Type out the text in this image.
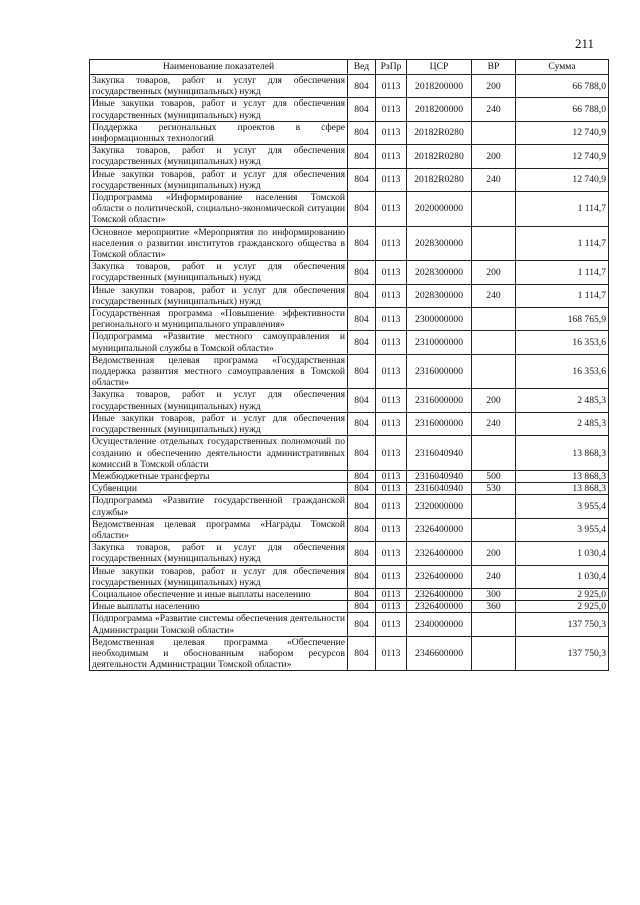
211
Наименование показателей	Вед	РзПр	ЦСР	ВР	Сумма
Закупка товаров, работ и услуг для обеспечения государственных (муниципальных) нужд	804	0113	2018200000	200	66 788,0
Иные закупки товаров, работ и услуг для обеспечения государственных (муниципальных) нужд	804	0113	2018200000	240	66 788,0
Поддержка региональных проектов в сфере информационных технологий	804	0113	20182R0280		12 740,9
Закупка товаров, работ и услуг для обеспечения государственных (муниципальных) нужд	804	0113	20182R0280	200	12 740,9
Иные закупки товаров, работ и услуг для обеспечения государственных (муниципальных) нужд	804	0113	20182R0280	240	12 740,9
Подпрограмма «Информирование населения Томской области о политической, социально-экономической ситуации Томской области»	804	0113	2020000000		1 114,7
Основное мероприятие «Мероприятия по информированию населения о развитии институтов гражданского общества в Томской области»	804	0113	2028300000		1 114,7
Закупка товаров, работ и услуг для обеспечения государственных (муниципальных) нужд	804	0113	2028300000	200	1 114,7
Иные закупки товаров, работ и услуг для обеспечения государственных (муниципальных) нужд	804	0113	2028300000	240	1 114,7
Государственная программа «Повышение эффективности регионального и муниципального управления»	804	0113	2300000000		168 765,9
Подпрограмма «Развитие местного самоуправления и муниципальной службы в Томской области»	804	0113	2310000000		16 353,6
Ведомственная целевая программа «Государственная поддержка развития местного самоуправления в Томской области»	804	0113	2316000000		16 353,6
Закупка товаров, работ и услуг для обеспечения государственных (муниципальных) нужд	804	0113	2316000000	200	2 485,3
Иные закупки товаров, работ и услуг для обеспечения государственных (муниципальных) нужд	804	0113	2316000000	240	2 485,3
Осуществление отдельных государственных полномочий по созданию и обеспечению деятельности административных комиссий в Томской области	804	0113	2316040940		13 868,3
Межбюджетные трансферты	804	0113	2316040940	500	13 868,3
Субвенции	804	0113	2316040940	530	13 868,3
Подпрограмма «Развитие государственной гражданской службы»	804	0113	2320000000		3 955,4
Ведомственная целевая программа «Награды Томской области»	804	0113	2326400000		3 955,4
Закупка товаров, работ и услуг для обеспечения государственных (муниципальных) нужд	804	0113	2326400000	200	1 030,4
Иные закупки товаров, работ и услуг для обеспечения государственных (муниципальных) нужд	804	0113	2326400000	240	1 030,4
Социальное обеспечение и иные выплаты населению	804	0113	2326400000	300	2 925,0
Иные выплаты населению	804	0113	2326400000	360	2 925,0
Подпрограмма «Развитие системы обеспечения деятельности Администрации Томской области»	804	0113	2340000000		137 750,3
Ведомственная целевая программа «Обеспечение необходимым и обоснованным набором ресурсов деятельности Администрации Томской области»	804	0113	2346600000		137 750,3
